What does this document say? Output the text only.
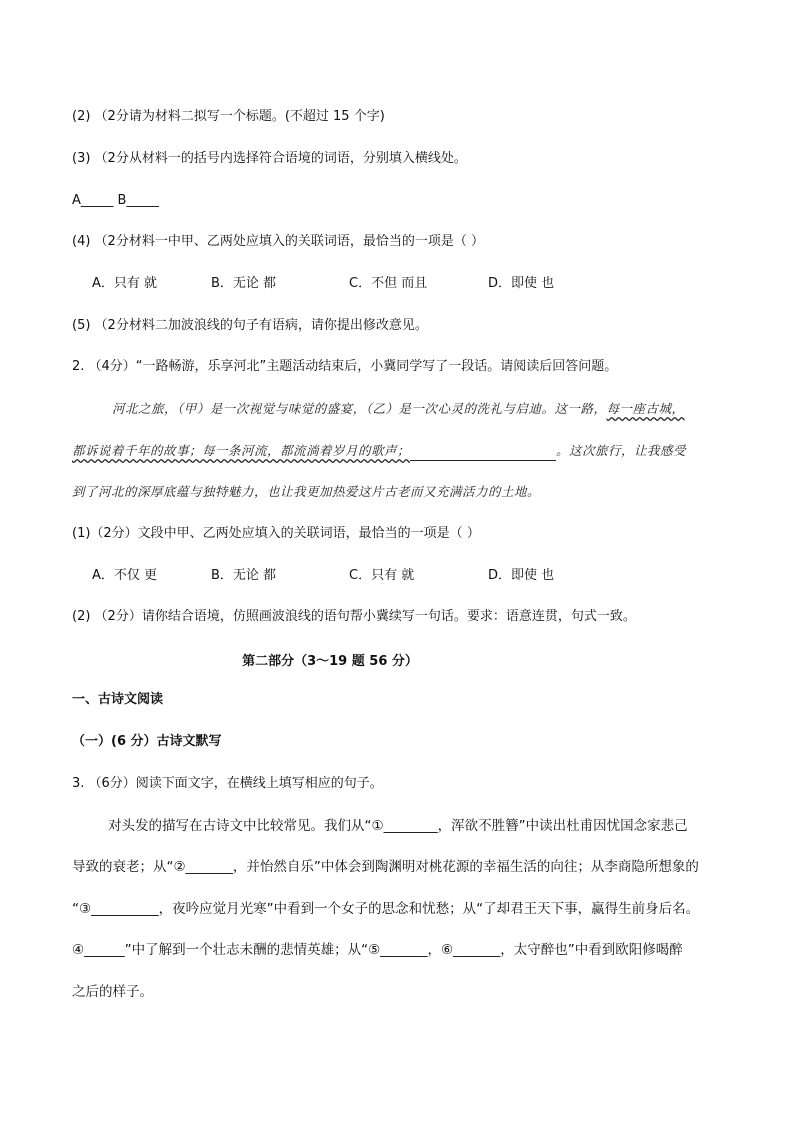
(2) （2分请为材料二拟写一个标题。(不超过 15 个字)
(3) （2分从材料一的括号内选择符合语境的词语，分别填入横线处。
A_____ B_____
(4) （2分材料一中甲、乙两处应填入的关联词语，最恰当的一项是（ ）
A．只有 就	B．无论 都	C．不但 而且	D．即使 也
(5) （2分材料二加波浪线的句子有语病，请你提出修改意见。
2. （4分）“一路畅游，乐享河北”主题活动结束后，小冀同学写了一段话。请阅读后回答问题。
河北之旅，（甲）是一次视觉与味觉的盛宴，（乙）是一次心灵的洗礼与启迪。这一路，每一座古城，
都诉说着千年的故事；每一条河流，都流淌着岁月的歌声；	。这次旅行，让我感受
到了河北的深厚底蕴与独特魅力，也让我更加热爱这片古老而又充满活力的土地。
(1)（2分）文段中甲、乙两处应填入的关联词语，最恰当的一项是（ ）
A．不仅 更	B．无论 都	C．只有 就	D．即使 也
(2) （2分）请你结合语境，仿照画波浪线的语句帮小冀续写一句话。要求：语意连贯，句式一致。
第二部分（3～19 题 56 分）
一、古诗文阅读
（一）(6 分）古诗文默写
3. （6分）阅读下面文字，在横线上填写相应的句子。
对头发的描写在古诗文中比较常见。我们从“①________，浑欲不胜簪”中读出杜甫因忧国念家悲己
导致的衰老；从“②_______，并怡然自乐”中体会到陶渊明对桃花源的幸福生活的向往；从李商隐所想象的
“③__________，夜吟应觉月光寒”中看到一个女子的思念和忧愁；从“了却君王天下事，赢得生前身后名。
④______”中了解到一个壮志未酬的悲情英雄；从“⑤_______，⑥_______，太守醉也”中看到欧阳修喝醉
之后的样子。
